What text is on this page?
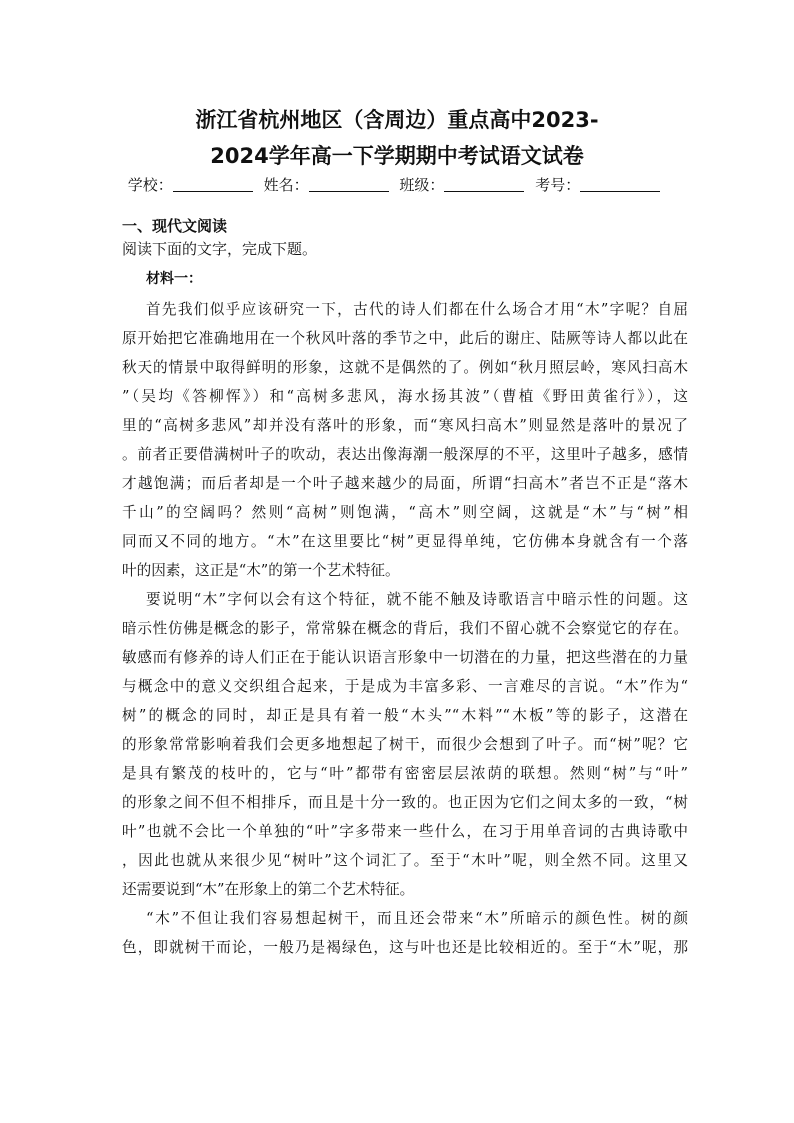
浙江省杭州地区（含周边）重点高中2023-
2024学年高一下学期期中考试语文试卷
学校：	姓名：	班级：	考号：
一、现代文阅读
阅读下面的文字，完成下题。
材料一：
首先我们似乎应该研究一下，古代的诗人们都在什么场合才用“木”字呢？自屈
原开始把它准确地用在一个秋风叶落的季节之中，此后的谢庄、陆厥等诗人都以此在
秋天的情景中取得鲜明的形象，这就不是偶然的了。例如“秋月照层岭，寒风扫高木
”（吴均《答柳恽》）和“高树多悲风，海水扬其波”（曹植《野田黄雀行》），这
里的“高树多悲风”却并没有落叶的形象，而“寒风扫高木”则显然是落叶的景况了
。前者正要借满树叶子的吹动，表达出像海潮一般深厚的不平，这里叶子越多，感情
才越饱满；而后者却是一个叶子越来越少的局面，所谓“扫高木”者岂不正是“落木
千山”的空阔吗？然则“高树”则饱满，“高木”则空阔，这就是“木”与“树”相
同而又不同的地方。“木”在这里要比“树”更显得单纯，它仿佛本身就含有一个落
叶的因素，这正是“木”的第一个艺术特征。
要说明“木”字何以会有这个特征，就不能不触及诗歌语言中暗示性的问题。这
暗示性仿佛是概念的影子，常常躲在概念的背后，我们不留心就不会察觉它的存在。
敏感而有修养的诗人们正在于能认识语言形象中一切潜在的力量，把这些潜在的力量
与概念中的意义交织组合起来，于是成为丰富多彩、一言难尽的言说。“木”作为“
树”的概念的同时，却正是具有着一般“木头”“木料”“木板”等的影子，这潜在
的形象常常影响着我们会更多地想起了树干，而很少会想到了叶子。而“树”呢？它
是具有繁茂的枝叶的，它与“叶”都带有密密层层浓荫的联想。然则“树”与“叶”
的形象之间不但不相排斥，而且是十分一致的。也正因为它们之间太多的一致，“树
叶”也就不会比一个单独的“叶”字多带来一些什么，在习于用单音词的古典诗歌中
，因此也就从来很少见“树叶”这个词汇了。至于“木叶”呢，则全然不同。这里又
还需要说到“木”在形象上的第二个艺术特征。
“木”不但让我们容易想起树干，而且还会带来“木”所暗示的颜色性。树的颜
色，即就树干而论，一般乃是褐绿色，这与叶也还是比较相近的。至于“木”呢，那
